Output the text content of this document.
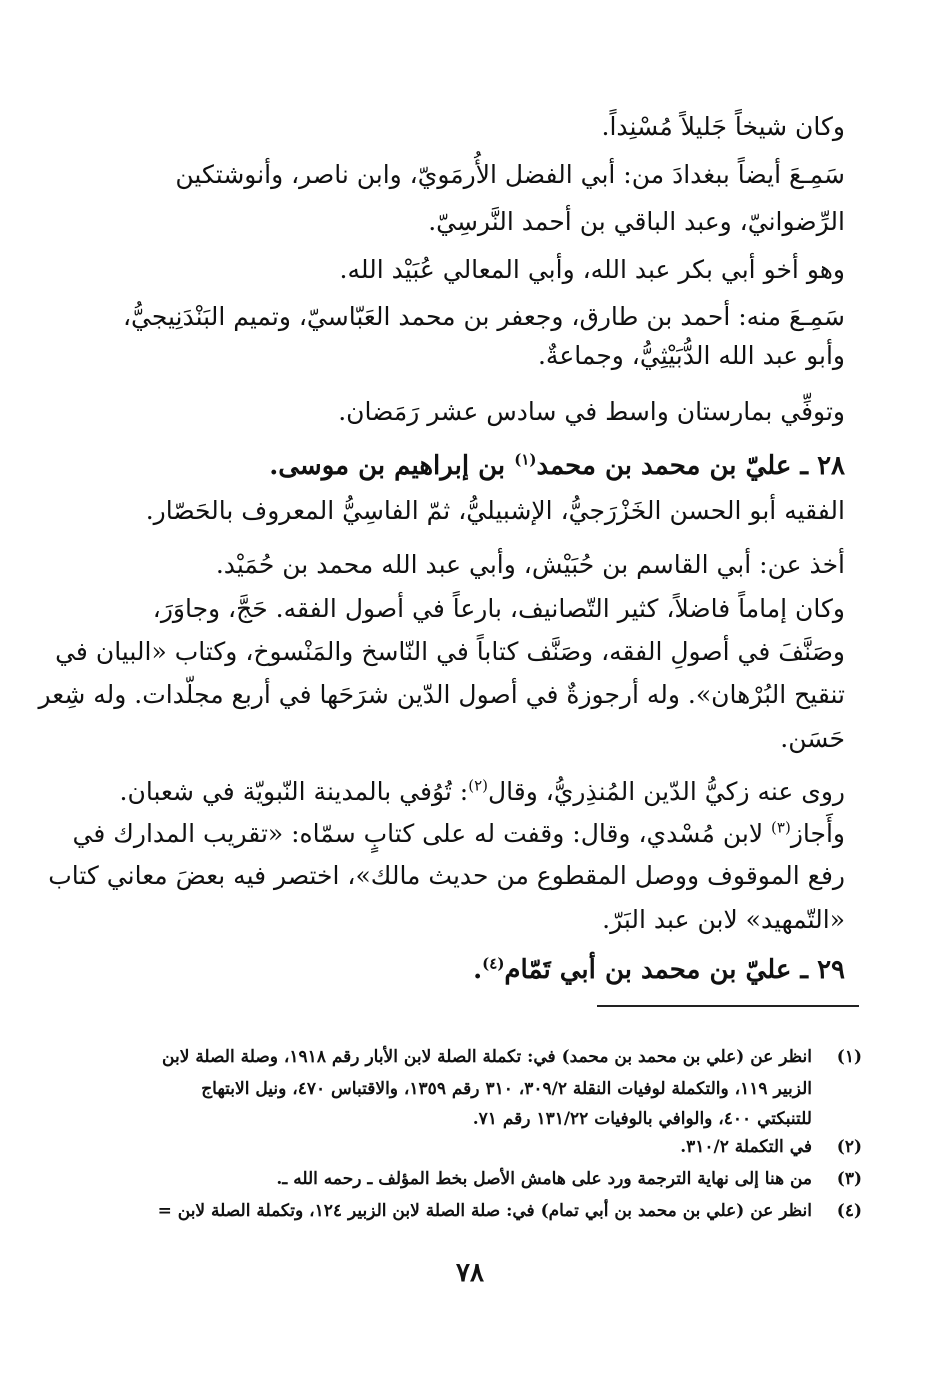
وكان شيخاً جَليلاً مُسْنِداً.
سَمِـعَ أيضاً ببغدادَ من: أبي الفضل الأُرمَويّ، وابن ناصر، وأنوشتكين
الرِّضوانيّ، وعبد الباقي بن أحمد النَّرسِيّ.
وهو أخو أبي بكر عبد الله، وأبي المعالي عُبَيْد الله.
سَمِـعَ منه: أحمد بن طارق، وجعفر بن محمد العَبّاسيّ، وتميم البَنْدَنِيجيُّ،
وأبو عبد الله الدُّبَيْثِيُّ، وجماعةٌ.
وتوفِّي بمارستان واسط في سادس عشر رَمَضان.
٢٨ ـ عليّ بن محمد بن محمد$^{(١)}$ بن إبراهيم بن موسى.
الفقيه أبو الحسن الخَزْرَجيُّ، الإشبيليُّ، ثمّ الفاسِيُّ المعروف بالحَصّار.
أخذ عن: أبي القاسم بن حُبَيْش، وأبي عبد الله محمد بن حُمَيْد.
وكان إماماً فاضلاً، كثير التّصانيف، بارعاً في أصول الفقه. حَجَّ، وجاوَرَ،
وصَنَّفَ في أصولِ الفقه، وصَنَّف كتاباً في النّاسخ والمَنْسوخ، وكتاب «البيان في
تنقيح البُرْهان». وله أرجوزةٌ في أصول الدّين شرَحَها في أربع مجلّدات. وله شِعر
حَسَن.
روى عنه زكيُّ الدّين المُنذِريُّ، وقال$^{(٢)}$: تُوُفي بالمدينة النّبويّة في شعبان.
وأَجاز$^{(٣)}$ لابن مُسْدي، وقال: وقفت له على كتابٍ سمّاه: «تقريب المدارك في
رفع الموقوف ووصل المقطوع من حديث مالك»، اختصر فيه بعضَ معاني كتاب
«التّمهيد» لابن عبد البَرّ.
٢٩ ـ عليّ بن محمد بن أبي تَمّام$^{(٤)}$.
(١)انظر عن (علي بن محمد بن محمد) في: تكملة الصلة لابن الأبار رقم ١٩١٨، وصلة الصلة لابن
الزبير ١١٩، والتكملة لوفيات النقلة ٣٠٩/٢، ٣١٠ رقم ١٣٥٩، والاقتباس ٤٧٠، ونيل الابتهاج
للتنبكتي ٤٠٠، والوافي بالوفيات ١٣١/٢٢ رقم ٧١.
(٢)في التكملة ٣١٠/٢.
(٣)من هنا إلى نهاية الترجمة ورد على هامش الأصل بخط المؤلف ـ رحمه الله ـ.
(٤)انظر عن (علي بن محمد بن أبي تمام) في: صلة الصلة لابن الزبير ١٢٤، وتكملة الصلة لابن =
٧٨
